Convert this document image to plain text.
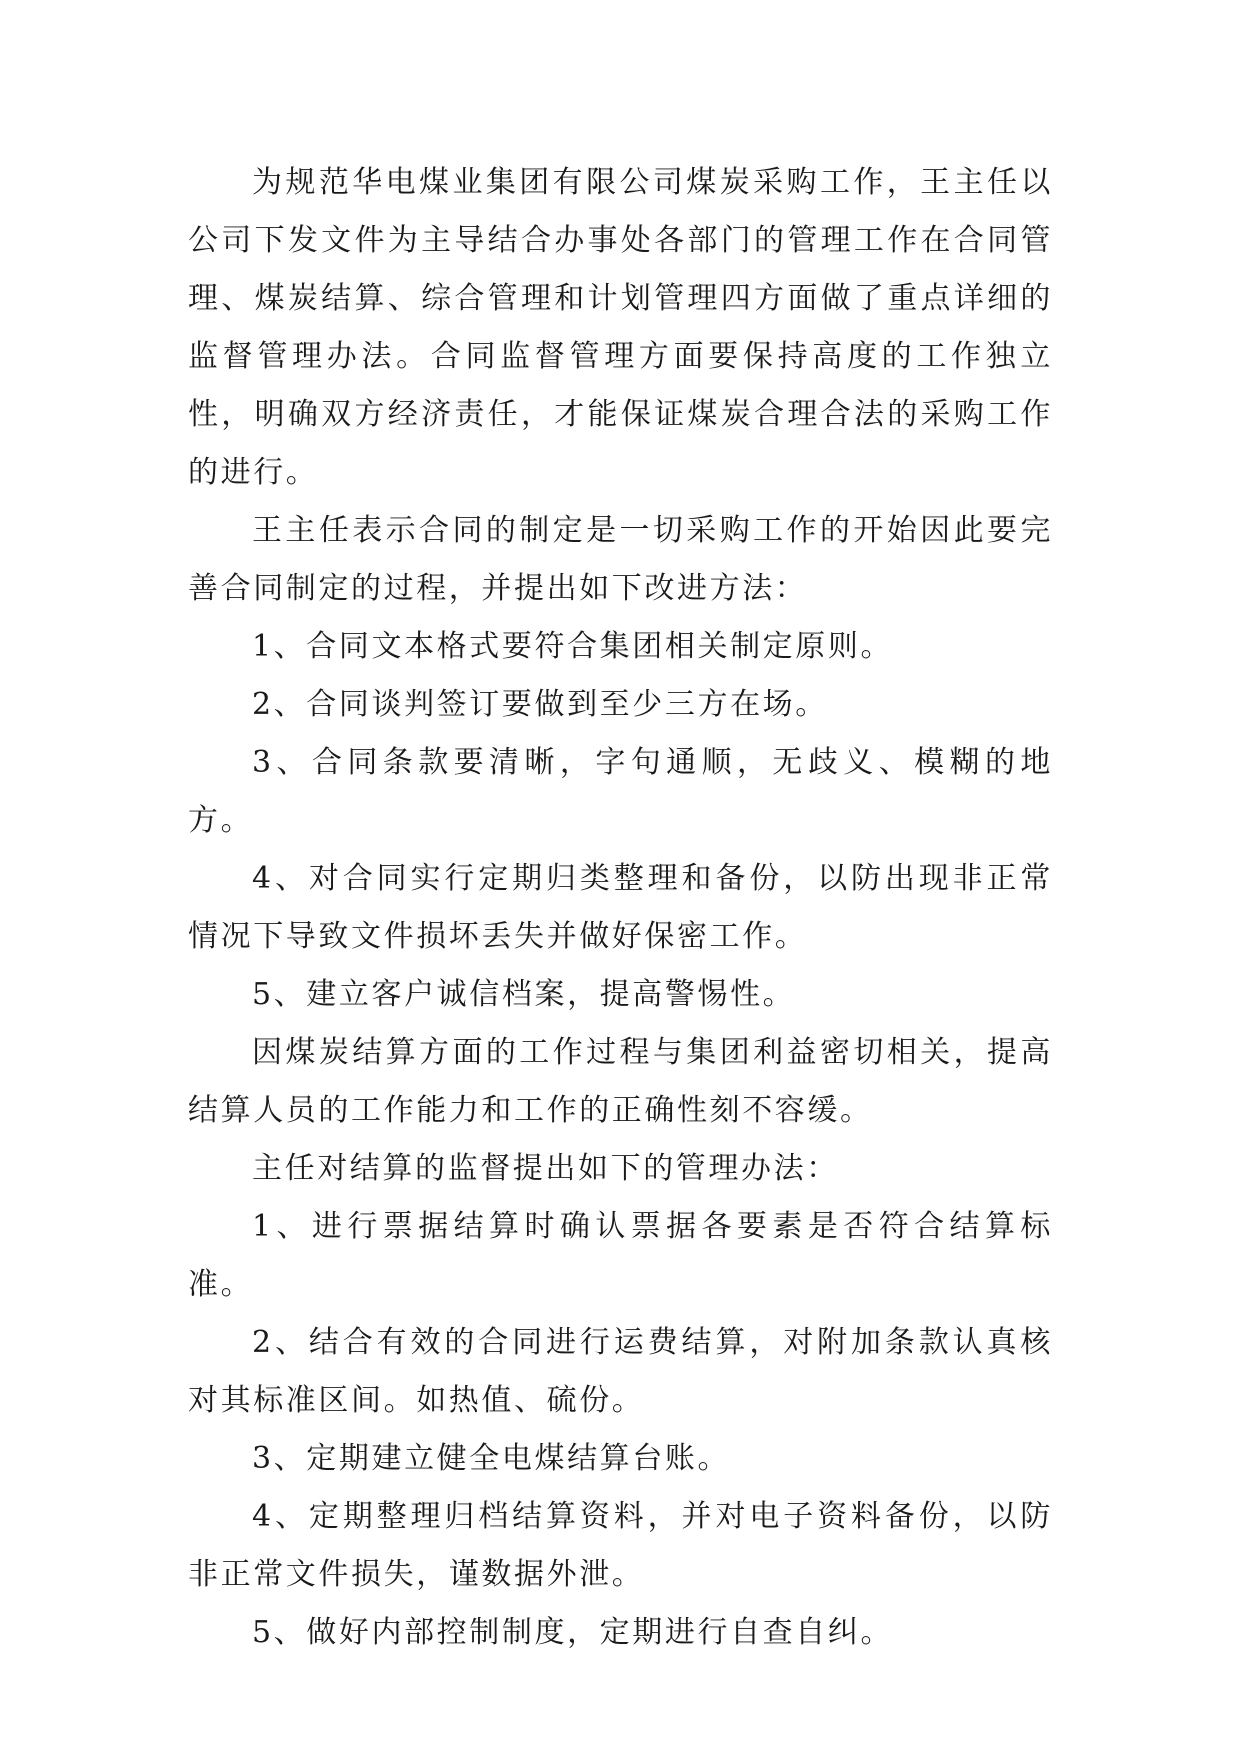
为规范华电煤业集团有限公司煤炭采购工作，王主任以公司下发文件为主导结合办事处各部门的管理工作在合同管理、煤炭结算、综合管理和计划管理四方面做了重点详细的监督管理办法。合同监督管理方面要保持高度的工作独立性，明确双方经济责任，才能保证煤炭合理合法的采购工作的进行。

王主任表示合同的制定是一切采购工作的开始因此要完善合同制定的过程，并提出如下改进方法：

1、合同文本格式要符合集团相关制定原则。

2、合同谈判签订要做到至少三方在场。

3、合同条款要清晰，字句通顺，无歧义、模糊的地方。

4、对合同实行定期归类整理和备份，以防出现非正常情况下导致文件损坏丢失并做好保密工作。

5、建立客户诚信档案，提高警惕性。

因煤炭结算方面的工作过程与集团利益密切相关，提高结算人员的工作能力和工作的正确性刻不容缓。

主任对结算的监督提出如下的管理办法：

1、进行票据结算时确认票据各要素是否符合结算标准。

2、结合有效的合同进行运费结算，对附加条款认真核对其标准区间。如热值、硫份。

3、定期建立健全电煤结算台账。

4、定期整理归档结算资料，并对电子资料备份，以防非正常文件损失，谨数据外泄。

5、做好内部控制制度，定期进行自查自纠。
